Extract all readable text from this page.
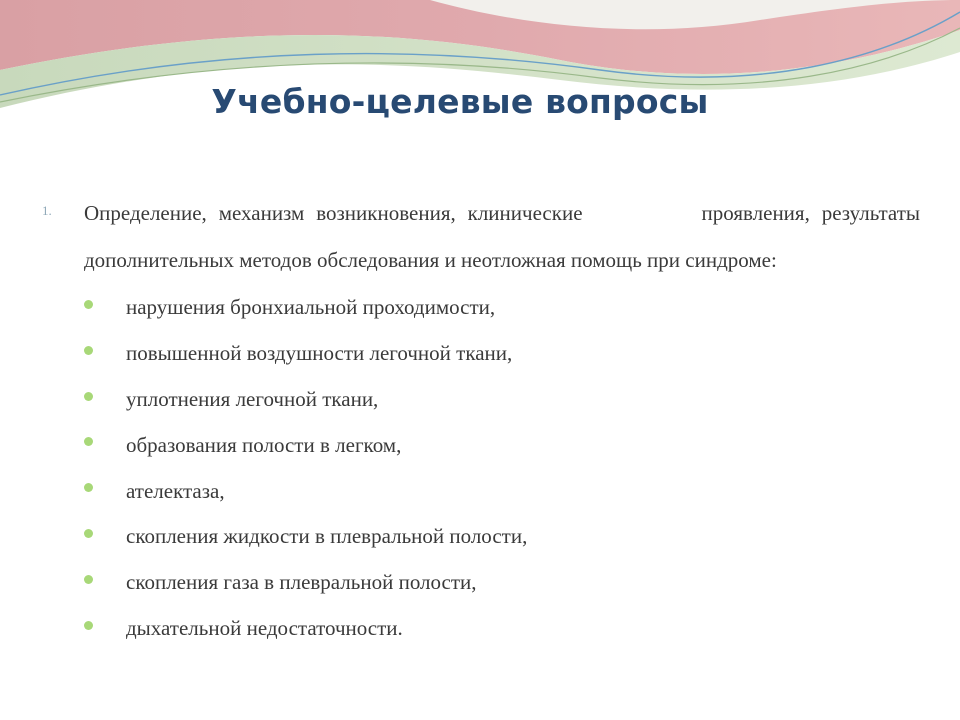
Учебно-целевые вопросы
1. Определение, механизм возникновения, клинические          проявления, результаты дополнительных методов обследования и неотложная помощь при синдроме:
нарушения бронхиальной проходимости,
повышенной воздушности легочной ткани,
уплотнения легочной ткани,
образования полости в легком,
ателектаза,
скопления жидкости в плевральной полости,
скопления газа в плевральной полости,
дыхательной недостаточности.
